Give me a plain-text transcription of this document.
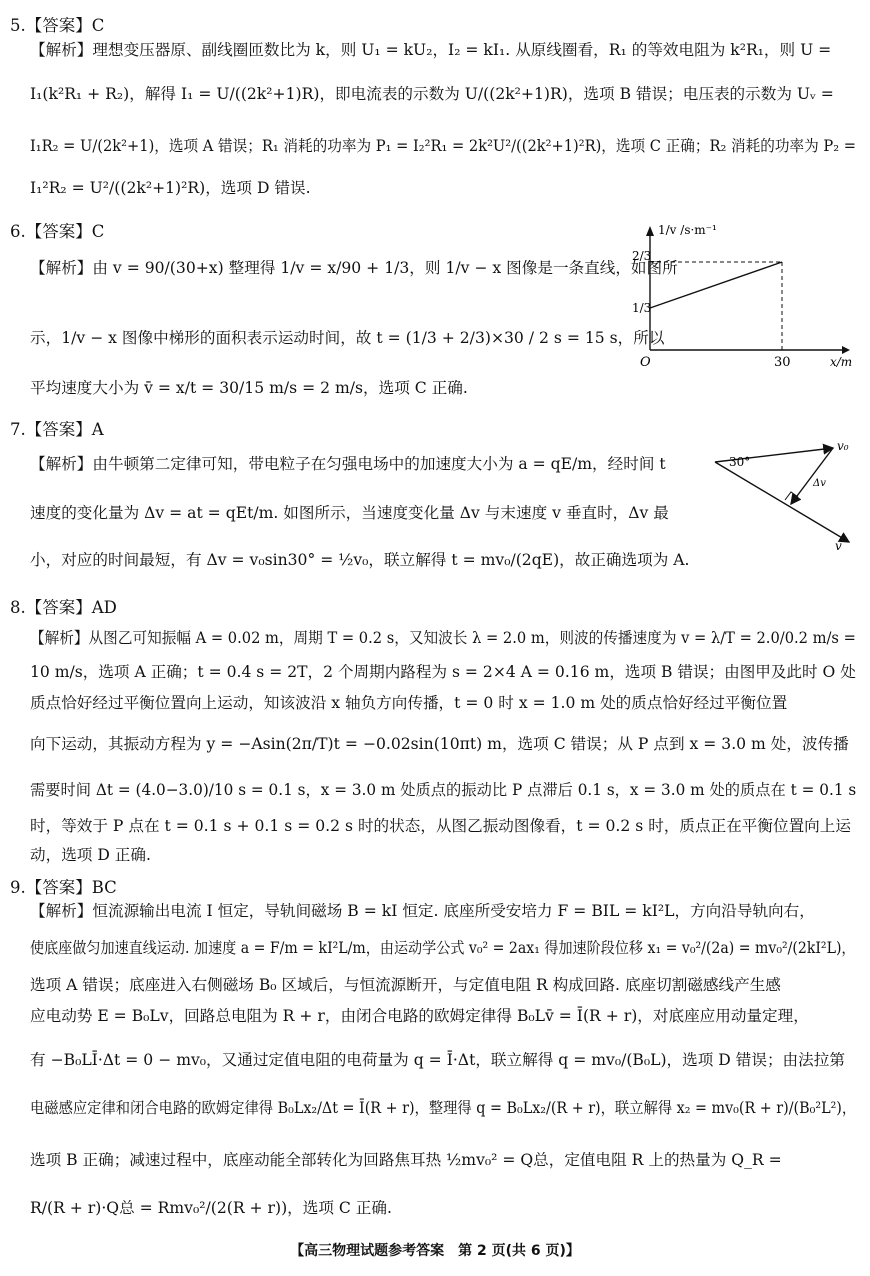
5.【答案】C
【解析】理想变压器原、副线圈匝数比为 k，则 U₁ = kU₂，I₂ = kI₁. 从原线圈看，R₁ 的等效电阻为 k²R₁，则 U =
I₁(k²R₁ + R₂)，解得 I₁ = U/((2k²+1)R)，即电流表的示数为 U/((2k²+1)R)，选项 B 错误；电压表的示数为 Uᵥ =
I₁R₂ = U/(2k²+1)，选项 A 错误；R₁ 消耗的功率为 P₁ = I₂²R₁ = 2k²U²/((2k²+1)²R)，选项 C 正确；R₂ 消耗的功率为 P₂ =
I₁²R₂ = U²/((2k²+1)²R)，选项 D 错误.
6.【答案】C
【解析】由 v = 90/(30+x) 整理得 1/v = x/90 + 1/3，则 1/v − x 图像是一条直线，如图所
示，1/v − x 图像中梯形的面积表示运动时间，故 t = (1/3 + 2/3)×30 / 2 s = 15 s，所以
平均速度大小为 v̄ = x/t = 30/15 m/s = 2 m/s，选项 C 正确.
1/v /s·m⁻¹
2/3
1/3
O	30	x/m
7.【答案】A
【解析】由牛顿第二定律可知，带电粒子在匀强电场中的加速度大小为 a = qE/m，经时间 t
速度的变化量为 Δv = at = qEt/m. 如图所示，当速度变化量 Δv 与末速度 v 垂直时，Δv 最
小，对应的时间最短，有 Δv = v₀sin30° = ½v₀，联立解得 t = mv₀/(2qE)，故正确选项为 A.
30°
v₀
Δv
v
8.【答案】AD
【解析】从图乙可知振幅 A = 0.02 m，周期 T = 0.2 s，又知波长 λ = 2.0 m，则波的传播速度为 v = λ/T = 2.0/0.2 m/s =
10 m/s，选项 A 正确；t = 0.4 s = 2T，2 个周期内路程为 s = 2×4 A = 0.16 m，选项 B 错误；由图甲及此时 O 处
质点恰好经过平衡位置向上运动，知该波沿 x 轴负方向传播，t = 0 时 x = 1.0 m 处的质点恰好经过平衡位置
向下运动，其振动方程为 y = −Asin(2π/T)t = −0.02sin(10πt) m，选项 C 错误；从 P 点到 x = 3.0 m 处，波传播
需要时间 Δt = (4.0−3.0)/10 s = 0.1 s，x = 3.0 m 处质点的振动比 P 点滞后 0.1 s，x = 3.0 m 处的质点在 t = 0.1 s
时，等效于 P 点在 t = 0.1 s + 0.1 s = 0.2 s 时的状态，从图乙振动图像看，t = 0.2 s 时，质点正在平衡位置向上运
动，选项 D 正确.
9.【答案】BC
【解析】恒流源输出电流 I 恒定，导轨间磁场 B = kI 恒定. 底座所受安培力 F = BIL = kI²L，方向沿导轨向右，
使底座做匀加速直线运动. 加速度 a = F/m = kI²L/m，由运动学公式 v₀² = 2ax₁ 得加速阶段位移 x₁ = v₀²/(2a) = mv₀²/(2kI²L)，
选项 A 错误；底座进入右侧磁场 B₀ 区域后，与恒流源断开，与定值电阻 R 构成回路. 底座切割磁感线产生感
应电动势 E = B₀Lv，回路总电阻为 R + r，由闭合电路的欧姆定律得 B₀Lv̄ = Ī(R + r)，对底座应用动量定理，
有 −B₀LĪ·Δt = 0 − mv₀，又通过定值电阻的电荷量为 q = Ī·Δt，联立解得 q = mv₀/(B₀L)，选项 D 错误；由法拉第
电磁感应定律和闭合电路的欧姆定律得 B₀Lx₂/Δt = Ī(R + r)，整理得 q = B₀Lx₂/(R + r)，联立解得 x₂ = mv₀(R + r)/(B₀²L²)，
选项 B 正确；减速过程中，底座动能全部转化为回路焦耳热 ½mv₀² = Q总，定值电阻 R 上的热量为 Q_R =
R/(R + r)·Q总 = Rmv₀²/(2(R + r))，选项 C 正确.
【高三物理试题参考答案　第 2 页(共 6 页)】
